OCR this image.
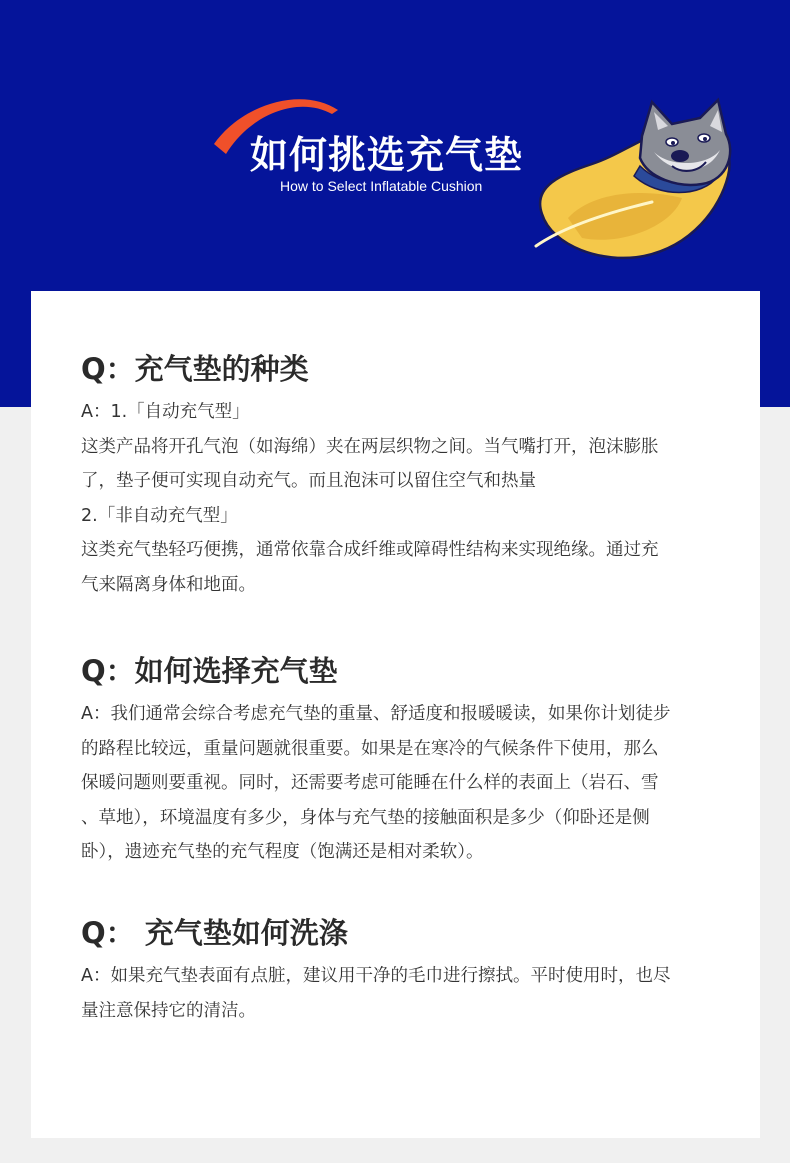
如何挑选充气垫
How to Select Inflatable Cushion
Q：充气垫的种类
A：1.「自动充气型」
这类产品将开孔气泡（如海绵）夹在两层织物之间。当气嘴打开，泡沫膨胀
了，垫子便可实现自动充气。而且泡沫可以留住空气和热量
2.「非自动充气型」
这类充气垫轻巧便携，通常依靠合成纤维或障碍性结构来实现绝缘。通过充
气来隔离身体和地面。
Q：如何选择充气垫
A：我们通常会综合考虑充气垫的重量、舒适度和报暖暖读，如果你计划徒步
的路程比较远，重量问题就很重要。如果是在寒冷的气候条件下使用，那么
保暖问题则要重视。同时，还需要考虑可能睡在什么样的表面上（岩石、雪
、草地），环境温度有多少，身体与充气垫的接触面积是多少（仰卧还是侧
卧），遗迹充气垫的充气程度（饱满还是相对柔软）。
Q： 充气垫如何洗涤
A：如果充气垫表面有点脏，建议用干净的毛巾进行擦拭。平时使用时，也尽
量注意保持它的清洁。
